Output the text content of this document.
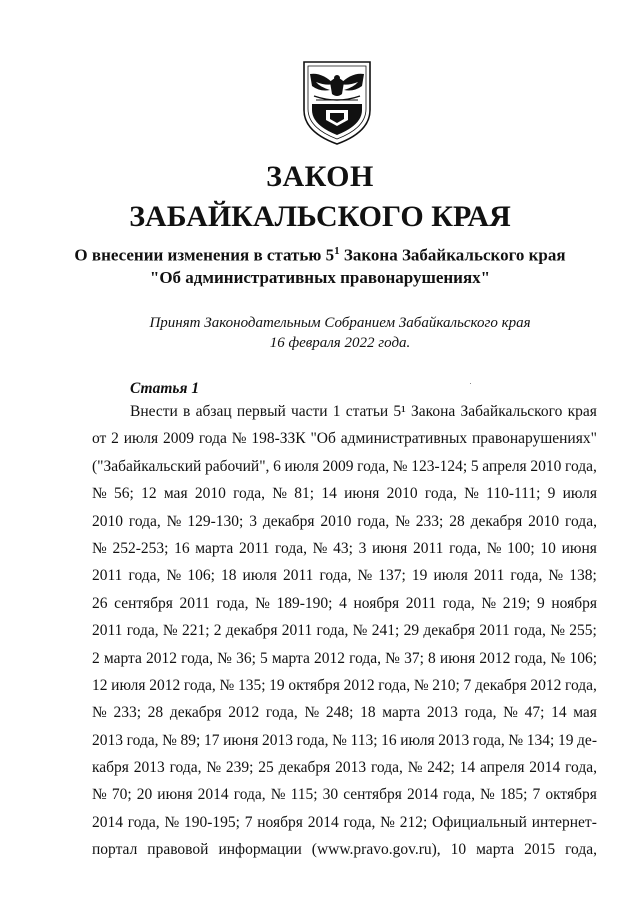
ЗАКОН
ЗАБАЙКАЛЬСКОГО КРАЯ
О внесении изменения в статью $5^1$ Закона Забайкальского края
"Об административных правонарушениях"
Принят Законодательным Собранием Забайкальского края
16 февраля 2022 года.
Статья 1
Внести в абзац первый части 1 статьи 5¹ Закона Забайкальского края
от 2 июля 2009 года № 198-ЗЗК "Об административных правонарушениях"
("Забайкальский рабочий", 6 июля 2009 года, № 123-124; 5 апреля 2010 года,
№ 56; 12 мая 2010 года, № 81; 14 июня 2010 года, № 110-111; 9 июля
2010 года, № 129-130; 3 декабря 2010 года, № 233; 28 декабря 2010 года,
№ 252-253; 16 марта 2011 года, № 43; 3 июня 2011 года, № 100; 10 июня
2011 года, № 106; 18 июля 2011 года, № 137; 19 июля 2011 года, № 138;
26 сентября 2011 года, № 189-190; 4 ноября 2011 года, № 219; 9 ноября
2011 года, № 221; 2 декабря 2011 года, № 241; 29 декабря 2011 года, № 255;
2 марта 2012 года, № 36; 5 марта 2012 года, № 37; 8 июня 2012 года, № 106;
12 июля 2012 года, № 135; 19 октября 2012 года, № 210; 7 декабря 2012 года,
№ 233; 28 декабря 2012 года, № 248; 18 марта 2013 года, № 47; 14 мая
2013 года, № 89; 17 июня 2013 года, № 113; 16 июля 2013 года, № 134; 19 де-
кабря 2013 года, № 239; 25 декабря 2013 года, № 242; 14 апреля 2014 года,
№ 70; 20 июня 2014 года, № 115; 30 сентября 2014 года, № 185; 7 октября
2014 года, № 190-195; 7 ноября 2014 года, № 212; Официальный интернет-
портал правовой информации (www.pravo.gov.ru), 10 марта 2015 года,
